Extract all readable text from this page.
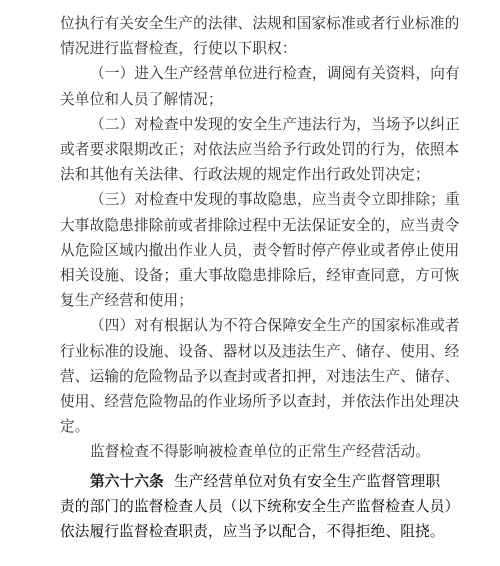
位执行有关安全生产的法律、法规和国家标准或者行业标准的
情况进行监督检查，行使以下职权：
（一）进入生产经营单位进行检查，调阅有关资料，向有
关单位和人员了解情况；
（二）对检查中发现的安全生产违法行为，当场予以纠正
或者要求限期改正；对依法应当给予行政处罚的行为，依照本
法和其他有关法律、行政法规的规定作出行政处罚决定；
（三）对检查中发现的事故隐患，应当责令立即排除；重
大事故隐患排除前或者排除过程中无法保证安全的，应当责令
从危险区域内撤出作业人员，责令暂时停产停业或者停止使用
相关设施、设备；重大事故隐患排除后，经审查同意，方可恢
复生产经营和使用；
（四）对有根据认为不符合保障安全生产的国家标准或者
行业标准的设施、设备、器材以及违法生产、储存、使用、经
营、运输的危险物品予以查封或者扣押，对违法生产、储存、
使用、经营危险物品的作业场所予以查封，并依法作出处理决
定。
监督检查不得影响被检查单位的正常生产经营活动。
第六十六条 生产经营单位对负有安全生产监督管理职
责的部门的监督检查人员（以下统称安全生产监督检查人员）
依法履行监督检查职责，应当予以配合，不得拒绝、阻挠。
